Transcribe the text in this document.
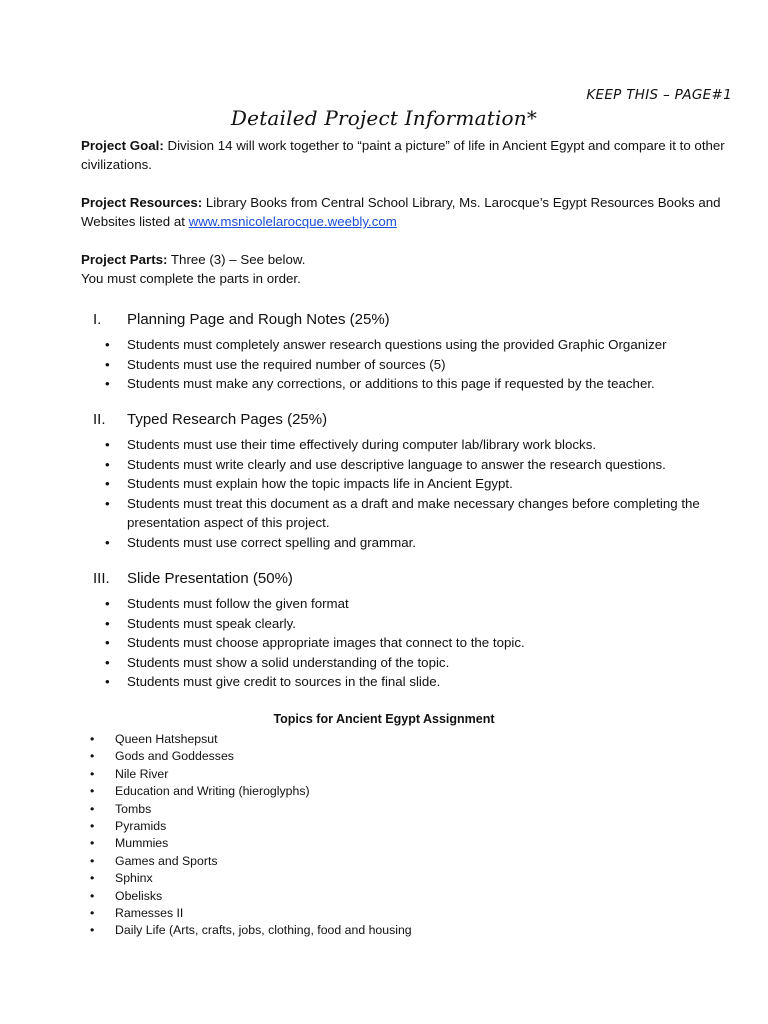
KEEP THIS – PAGE#1
Detailed Project Information*
Project Goal: Division 14 will work together to “paint a picture” of life in Ancient Egypt and compare it to other civilizations.
Project Resources: Library Books from Central School Library, Ms. Larocque’s Egypt Resources Books and Websites listed at www.msnicolelarocque.weebly.com
Project Parts: Three (3) – See below.
You must complete the parts in order.
I. Planning Page and Rough Notes (25%)
• Students must completely answer research questions using the provided Graphic Organizer
• Students must use the required number of sources (5)
• Students must make any corrections, or additions to this page if requested by the teacher.
II. Typed Research Pages (25%)
• Students must use their time effectively during computer lab/library work blocks.
• Students must write clearly and use descriptive language to answer the research questions.
• Students must explain how the topic impacts life in Ancient Egypt.
• Students must treat this document as a draft and make necessary changes before completing the presentation aspect of this project.
• Students must use correct spelling and grammar.
III. Slide Presentation (50%)
• Students must follow the given format
• Students must speak clearly.
• Students must choose appropriate images that connect to the topic.
• Students must show a solid understanding of the topic.
• Students must give credit to sources in the final slide.
Topics for Ancient Egypt Assignment
• Queen Hatshepsut
• Gods and Goddesses
• Nile River
• Education and Writing (hieroglyphs)
• Tombs
• Pyramids
• Mummies
• Games and Sports
• Sphinx
• Obelisks
• Ramesses II
• Daily Life (Arts, crafts, jobs, clothing, food and housing
